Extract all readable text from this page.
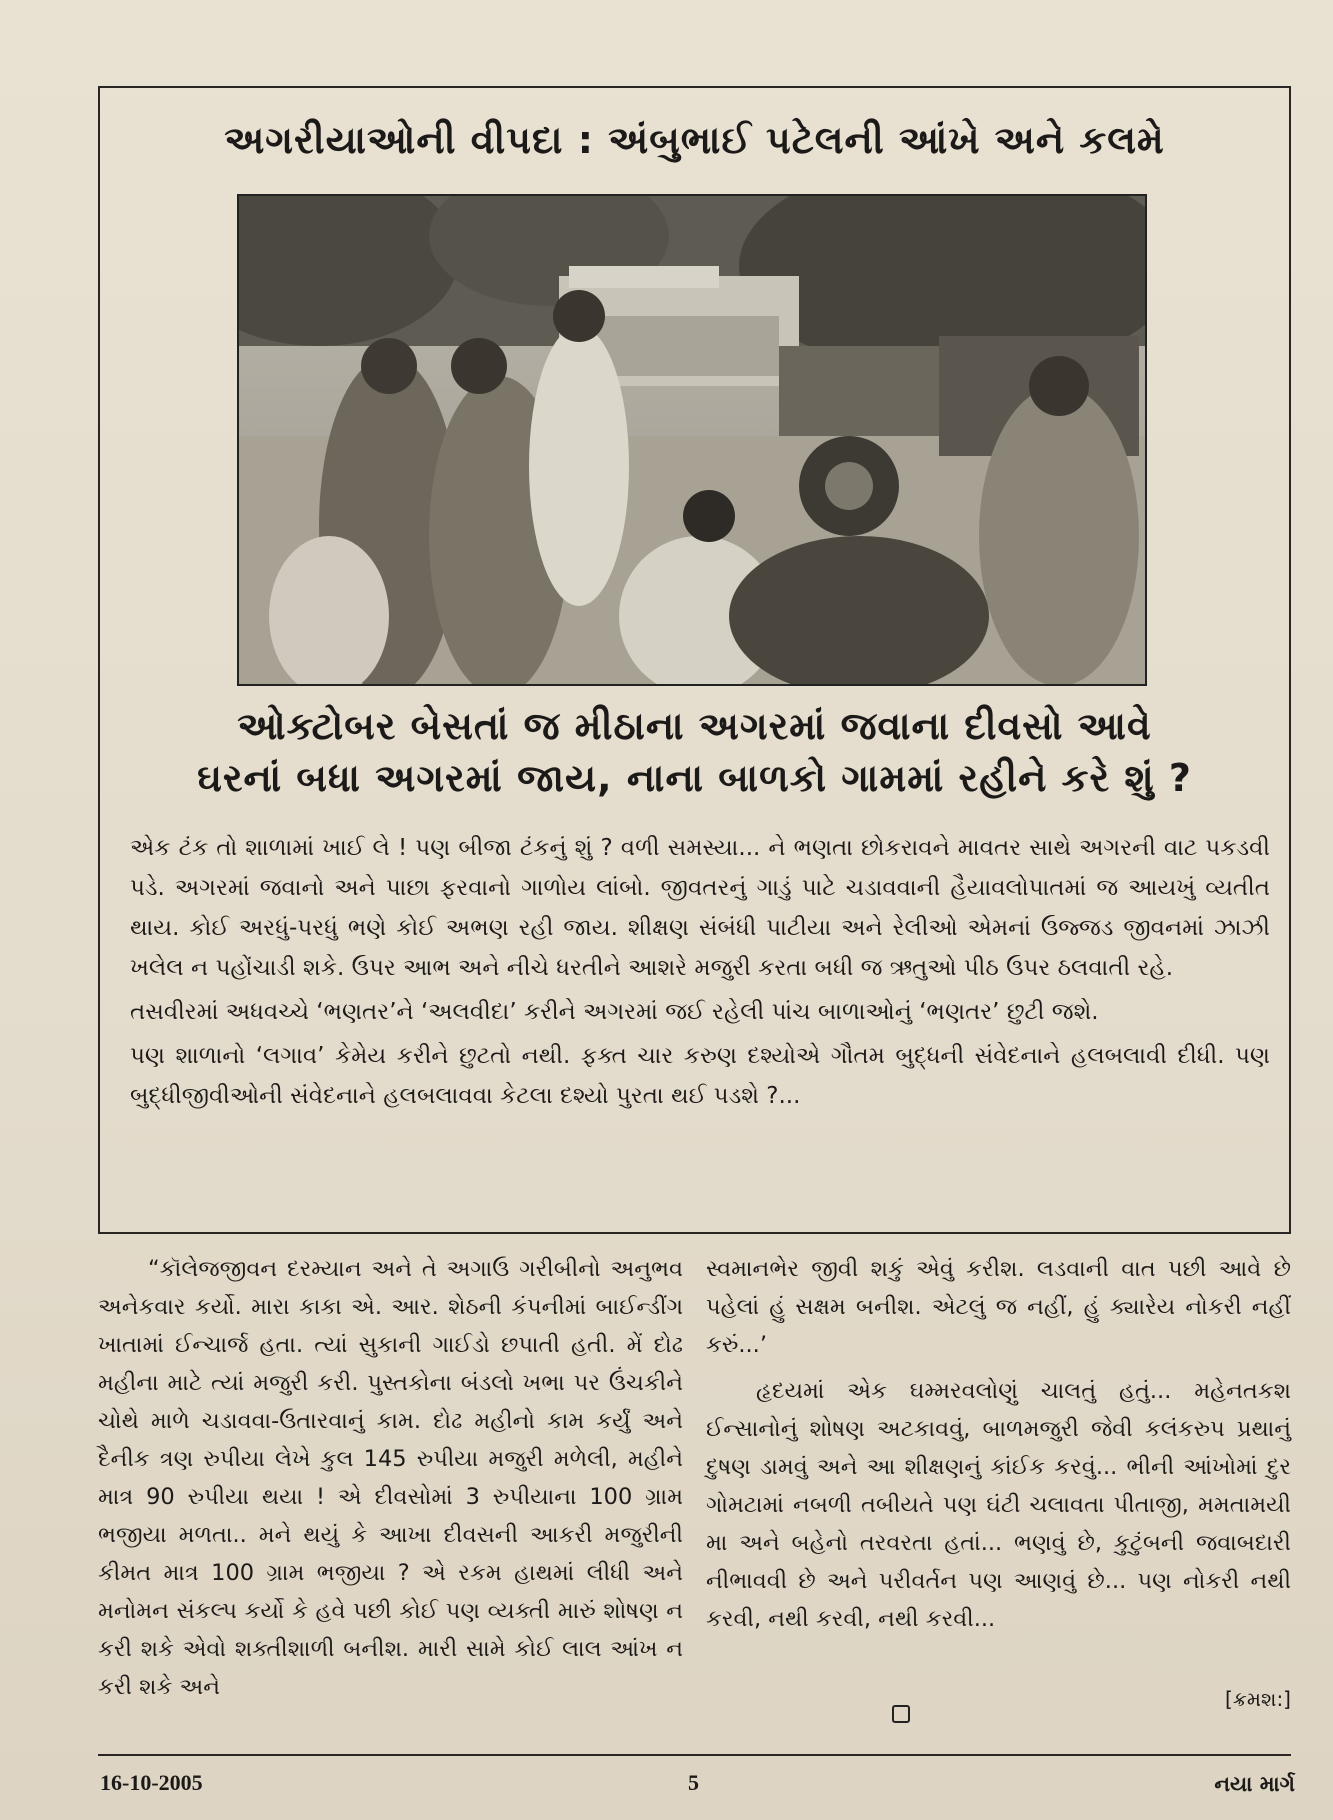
અગરીયાઓની વીપદા : અંબુભાઈ પટેલની આંખે અને કલમે
ઓક્ટોબર બેસતાં જ મીઠાના અગરમાં જવાના દીવસો આવે
ઘરનાં બધા અગરમાં જાય, નાના બાળકો ગામમાં રહીને કરે શું ?

એક ટંક તો શાળામાં ખાઈ લે ! પણ બીજા ટંકનું શું ? વળી સમસ્યા... ને ભણતા છોકરાવને માવતર સાથે અગરની વાટ પકડવી પડે. અગરમાં જવાનો અને પાછા ફરવાનો ગાળોય લાંબો. જીવતરનું ગાડું પાટે ચડાવવાની હૈયાવલોપાતમાં જ આયખું વ્યતીત થાય. કોઈ અરધું-પરધું ભણે કોઈ અભણ રહી જાય. શીક્ષણ સંબંધી પાટીયા અને રેલીઓ એમનાં ઉજ્જડ જીવનમાં ઝાઝી ખલેલ ન પહોંચાડી શકે. ઉપર આભ અને નીચે ધરતીને આશરે મજુરી કરતા બધી જ ઋતુઓ પીઠ ઉપર ઠલવાતી રહે.

તસવીરમાં અધવચ્ચે ‘ભણતર’ને ‘અલવીદા’ કરીને અગરમાં જઈ રહેલી પાંચ બાળાઓનું ‘ભણતર’ છુટી જશે.

પણ શાળાનો ‘લગાવ’ કેમેય કરીને છુટતો નથી. ફક્ત ચાર કરુણ દશ્યોએ ગૌતમ બુદ્ધની સંવેદનાને હલબલાવી દીધી. પણ બુદ્ધીજીવીઓની સંવેદનાને હલબલાવવા કેટલા દશ્યો પુરતા થઈ પડશે ?...

“કૉલેજજીવન દરમ્યાન અને તે અગાઉ ગરીબીનો અનુભવ અનેકવાર કર્યો. મારા કાકા એ. આર. શેઠની કંપનીમાં બાઈન્ડીંગ ખાતામાં ઈન્ચાર્જ હતા. ત્યાં સુકાની ગાઈડો છપાતી હતી. મેં દોઢ મહીના માટે ત્યાં મજુરી કરી. પુસ્તકોના બંડલો ખભા પર ઉંચકીને ચોથે માળે ચડાવવા-ઉતારવાનું કામ. દોઢ મહીનો કામ કર્યું અને દૈનીક ત્રણ રુપીયા લેખે કુલ 145 રુપીયા મજુરી મળેલી, મહીને માત્ર 90 રુપીયા થયા ! એ દીવસોમાં 3 રુપીયાના 100 ગ્રામ ભજીયા મળતા.. મને થયું કે આખા દીવસની આકરી મજુરીની કીમત માત્ર 100 ગ્રામ ભજીયા ? એ રકમ હાથમાં લીધી અને મનોમન સંકલ્પ કર્યો કે હવે પછી કોઈ પણ વ્યક્તી મારું શોષણ ન કરી શકે એવો શક્તીશાળી બનીશ. મારી સામે કોઈ લાલ આંખ ન કરી શકે અને

સ્વમાનભેર જીવી શકું એવું કરીશ. લડવાની વાત પછી આવે છે પહેલાં હું સક્ષમ બનીશ. એટલું જ નહીં, હું ક્યારેય નોકરી નહીં કરું...’

હૃદયમાં એક ઘમ્મરવલોણું ચાલતું હતું... મહેનતકશ ઈન્સાનોનું શોષણ અટકાવવું, બાળમજુરી જેવી કલંકરુપ પ્રથાનું દુષણ ડામવું અને આ શીક્ષણનું કાંઈક કરવું... ભીની આંખોમાં દુર ગોમટામાં નબળી તબીયતે પણ ઘંટી ચલાવતા પીતાજી, મમતામયી મા અને બહેનો તરવરતા હતાં... ભણવું છે, કુટુંબની જવાબદારી નીભાવવી છે અને પરીવર્તન પણ આણવું છે... પણ નોકરી નથી કરવી, નથી કરવી, નથી કરવી...

[ક્રમશ:]
16-10-2005	5	નયા માર્ગ
